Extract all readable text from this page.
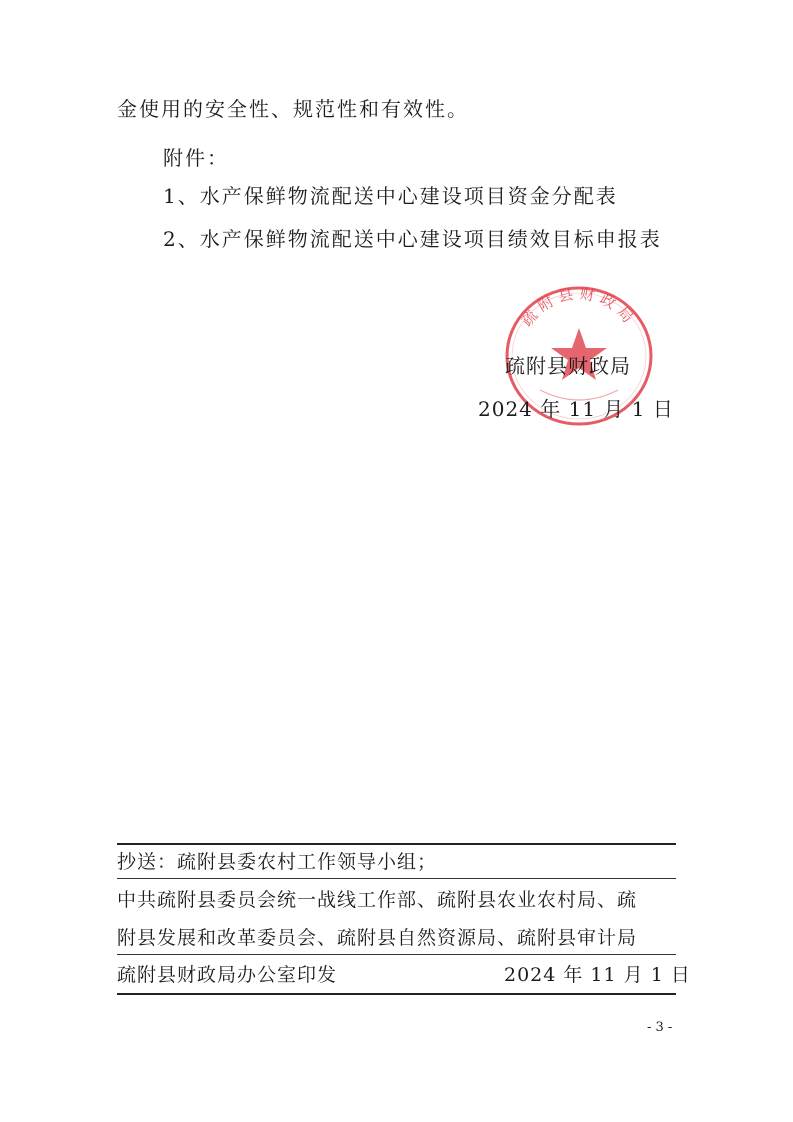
金使用的安全性、规范性和有效性。
附件：
1、水产保鲜物流配送中心建设项目资金分配表
2、水产保鲜物流配送中心建设项目绩效目标申报表
疏附县财政局
疏附县财政局
2024 年 11 月 1 日
抄送：疏附县委农村工作领导小组；
中共疏附县委员会统一战线工作部、疏附县农业农村局、疏
附县发展和改革委员会、疏附县自然资源局、疏附县审计局
疏附县财政局办公室印发	2024 年 11 月 1 日
- 3 -
